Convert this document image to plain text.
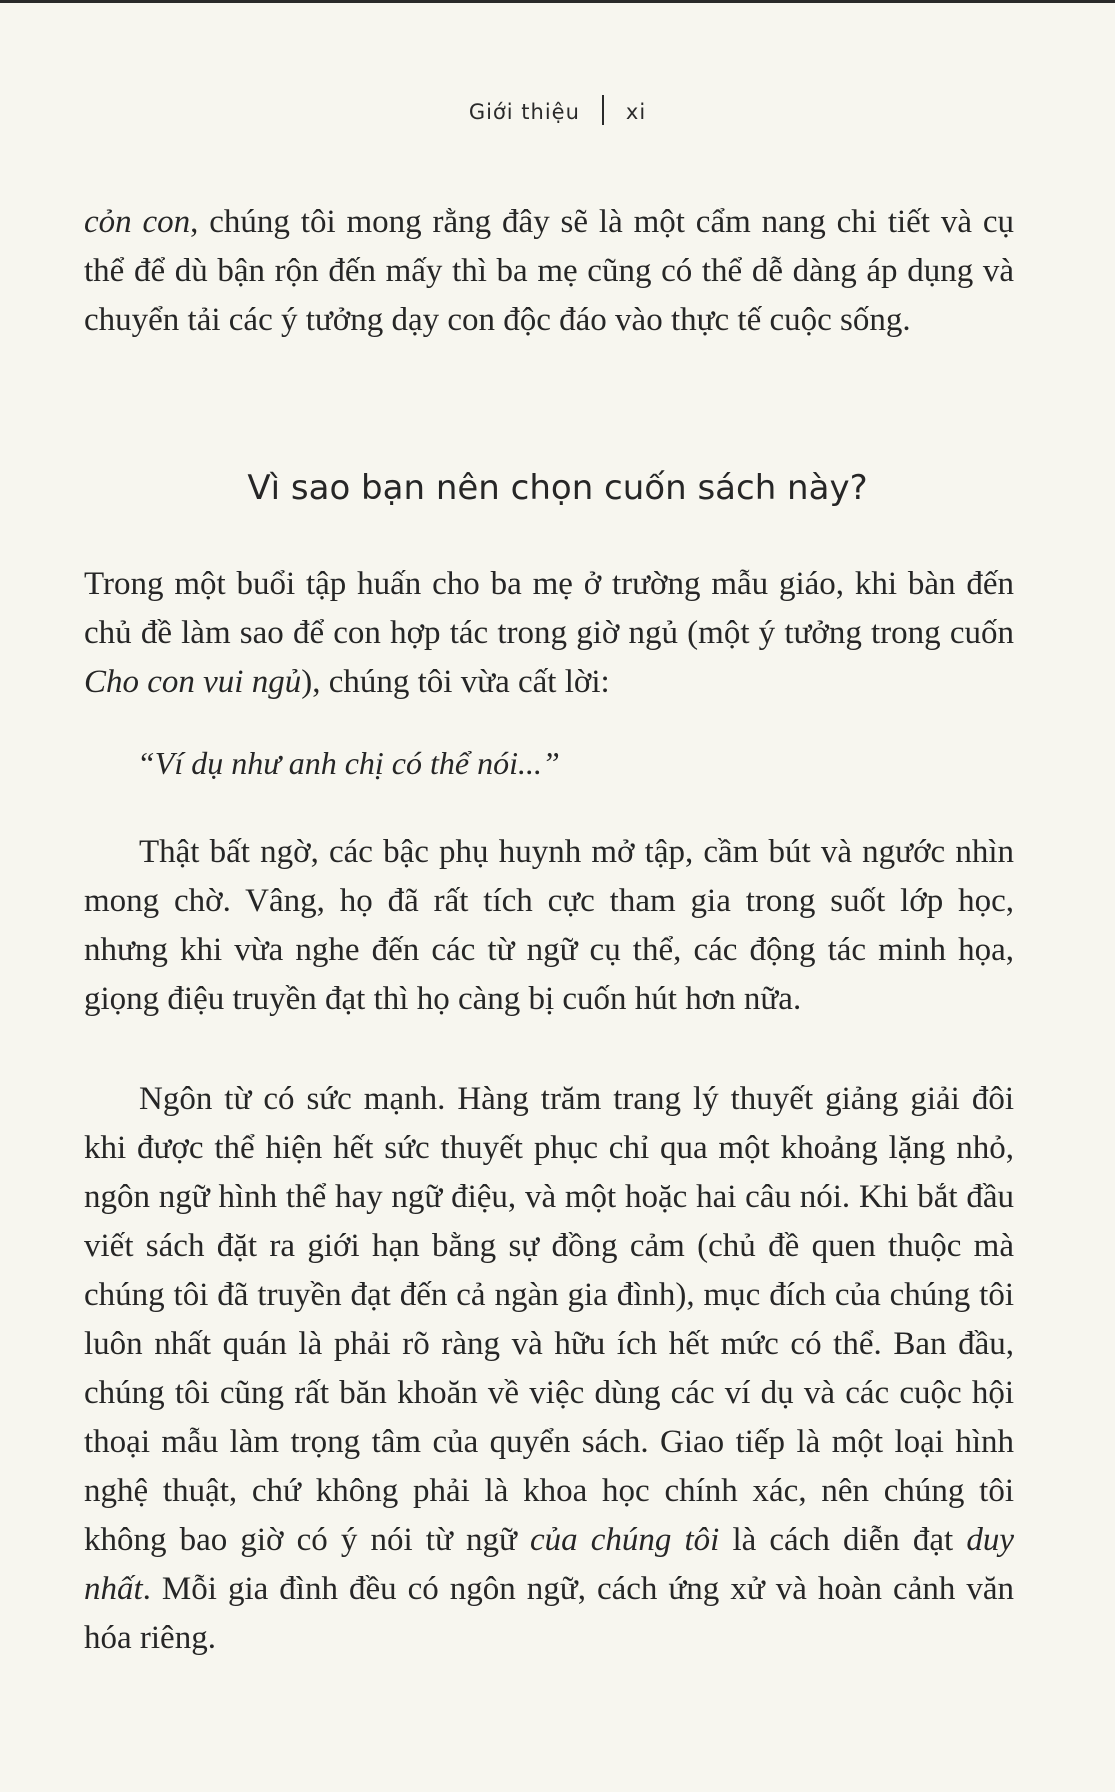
Giới thiệu xi

cỏn con, chúng tôi mong rằng đây sẽ là một cẩm nang chi tiết và cụ thể để dù bận rộn đến mấy thì ba mẹ cũng có thể dễ dàng áp dụng và chuyển tải các ý tưởng dạy con độc đáo vào thực tế cuộc sống.

Vì sao bạn nên chọn cuốn sách này?

Trong một buổi tập huấn cho ba mẹ ở trường mẫu giáo, khi bàn đến chủ đề làm sao để con hợp tác trong giờ ngủ (một ý tưởng trong cuốn Cho con vui ngủ), chúng tôi vừa cất lời:

“Ví dụ như anh chị có thể nói...”

Thật bất ngờ, các bậc phụ huynh mở tập, cầm bút và ngước nhìn mong chờ. Vâng, họ đã rất tích cực tham gia trong suốt lớp học, nhưng khi vừa nghe đến các từ ngữ cụ thể, các động tác minh họa, giọng điệu truyền đạt thì họ càng bị cuốn hút hơn nữa.

Ngôn từ có sức mạnh. Hàng trăm trang lý thuyết giảng giải đôi khi được thể hiện hết sức thuyết phục chỉ qua một khoảng lặng nhỏ, ngôn ngữ hình thể hay ngữ điệu, và một hoặc hai câu nói. Khi bắt đầu viết sách đặt ra giới hạn bằng sự đồng cảm (chủ đề quen thuộc mà chúng tôi đã truyền đạt đến cả ngàn gia đình), mục đích của chúng tôi luôn nhất quán là phải rõ ràng và hữu ích hết mức có thể. Ban đầu, chúng tôi cũng rất băn khoăn về việc dùng các ví dụ và các cuộc hội thoại mẫu làm trọng tâm của quyển sách. Giao tiếp là một loại hình nghệ thuật, chứ không phải là khoa học chính xác, nên chúng tôi không bao giờ có ý nói từ ngữ của chúng tôi là cách diễn đạt duy nhất. Mỗi gia đình đều có ngôn ngữ, cách ứng xử và hoàn cảnh văn hóa riêng.
